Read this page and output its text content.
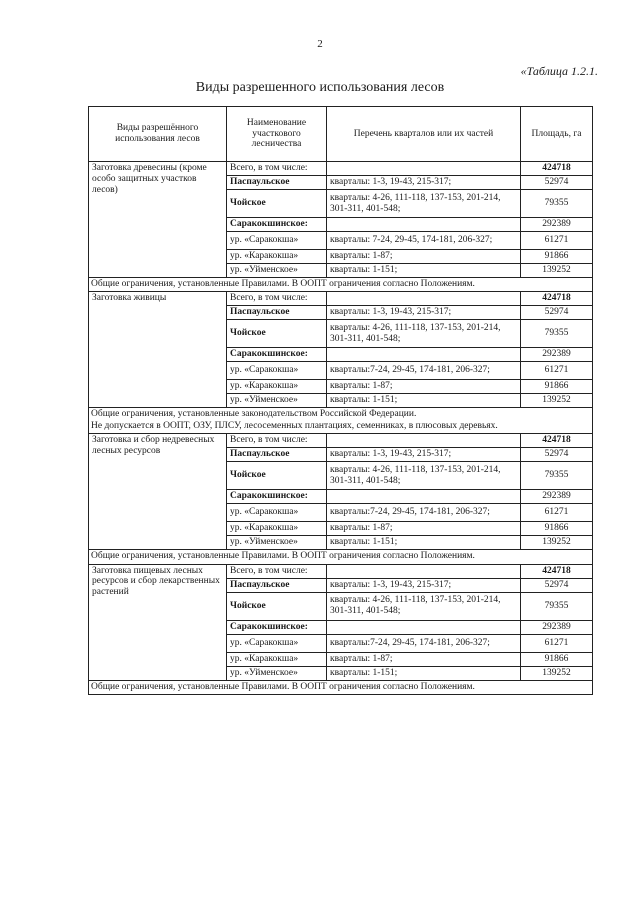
2
«Таблица 1.2.1.
Виды разрешенного использования лесов
Виды разрешённого использования лесов	Наименование участкового лесничества	Перечень кварталов или их частей	Площадь, га
Заготовка древесины (кроме особо защитных участков лесов)	Всего, в том числе:		424718
	Паспаульское	кварталы: 1-3, 19-43, 215-317;	52974
	Чойское	кварталы: 4-26, 111-118, 137-153, 201-214, 301-311, 401-548;	79355
	Саракокшинское:		292389
	ур. «Саракокша»	кварталы: 7-24, 29-45, 174-181, 206-327;	61271
	ур. «Каракокша»	кварталы: 1-87;	91866
	ур. «Уйменское»	кварталы: 1-151;	139252

Общие ограничения, установленные Правилами. В ООПТ ограничения согласно Положениям.			

Заготовка живицы	Всего, в том числе:		424718
	Паспаульское	кварталы: 1-3, 19-43, 215-317;	52974
	Чойское	кварталы: 4-26, 111-118, 137-153, 201-214, 301-311, 401-548;	79355
	Саракокшинское:		292389
	ур. «Саракокша»	кварталы:7-24, 29-45, 174-181, 206-327;	61271
	ур. «Каракокша»	кварталы: 1-87;	91866
	ур. «Уйменское»	кварталы: 1-151;	139252

Общие ограничения, установленные законодательством Российской Федерации.
Не допускается в ООПТ, ОЗУ, ПЛСУ, лесосеменных плантациях, семенниках, в плюсовых деревьях.			

Заготовка и сбор недревесных лесных ресурсов	Всего, в том числе:		424718
	Паспаульское	кварталы: 1-3, 19-43, 215-317;	52974
	Чойское	кварталы: 4-26, 111-118, 137-153, 201-214, 301-311, 401-548;	79355
	Саракокшинское:		292389
	ур. «Саракокша»	кварталы:7-24, 29-45, 174-181, 206-327;	61271
	ур. «Каракокша»	кварталы: 1-87;	91866
	ур. «Уйменское»	кварталы: 1-151;	139252

Общие ограничения, установленные Правилами. В ООПТ ограничения согласно Положениям.			

Заготовка пищевых лесных ресурсов и сбор лекарственных растений	Всего, в том числе:		424718
	Паспаульское	кварталы: 1-3, 19-43, 215-317;	52974
	Чойское	кварталы: 4-26, 111-118, 137-153, 201-214, 301-311, 401-548;	79355
	Саракокшинское:		292389
	ур. «Саракокша»	кварталы:7-24, 29-45, 174-181, 206-327;	61271
	ур. «Каракокша»	кварталы: 1-87;	91866
	ур. «Уйменское»	кварталы: 1-151;	139252

Общие ограничения, установленные Правилами. В ООПТ ограничения согласно Положениям.			
